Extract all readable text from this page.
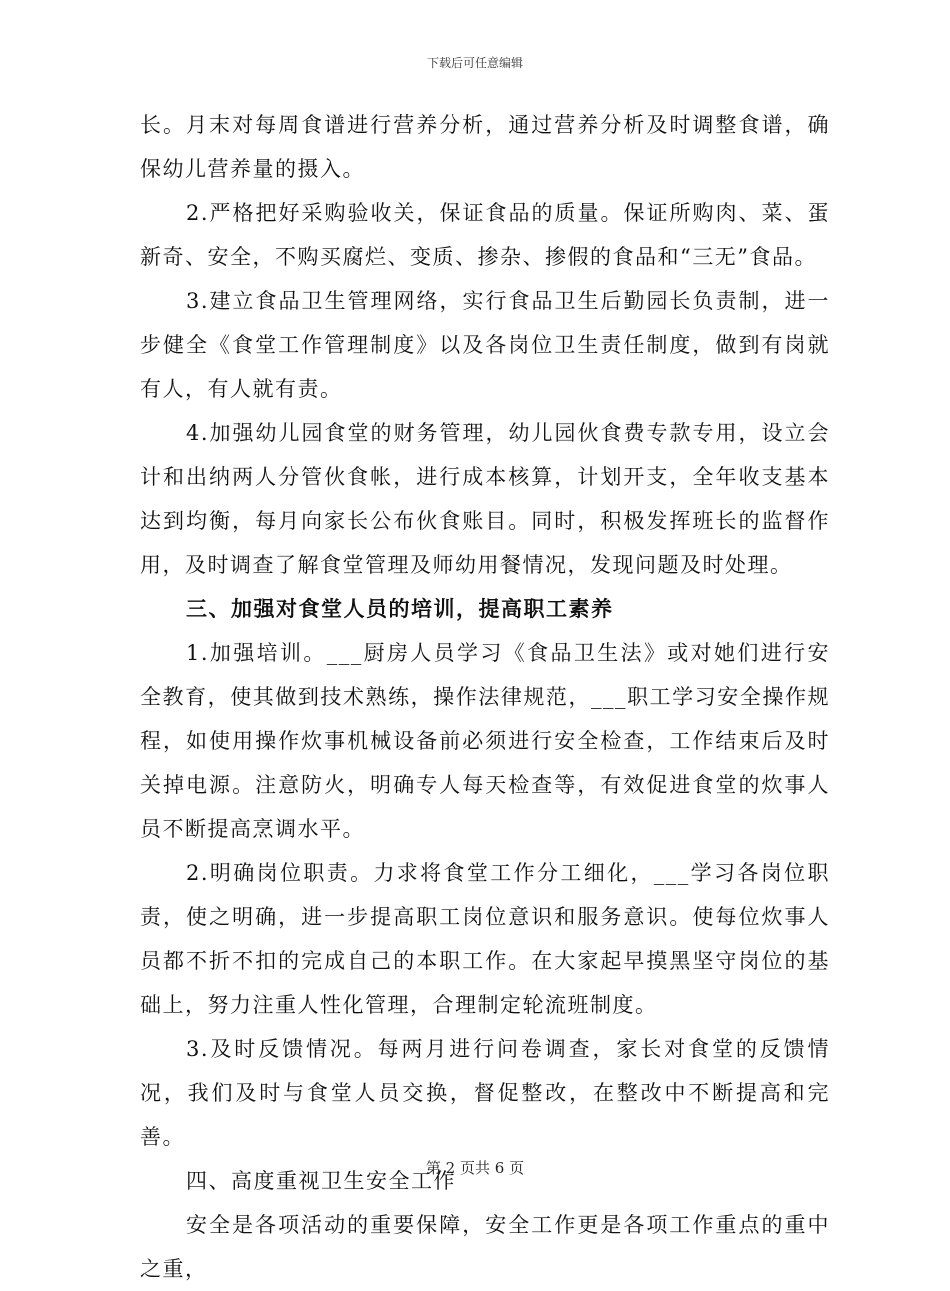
下载后可任意编辑

长。月末对每周食谱进行营养分析，通过营养分析及时调整食谱，确保幼儿营养量的摄入。

2.严格把好采购验收关，保证食品的质量。保证所购肉、菜、蛋新奇、安全，不购买腐烂、变质、掺杂、掺假的食品和“三无”食品。

3.建立食品卫生管理网络，实行食品卫生后勤园长负责制，进一步健全《食堂工作管理制度》以及各岗位卫生责任制度，做到有岗就有人，有人就有责。

4.加强幼儿园食堂的财务管理，幼儿园伙食费专款专用，设立会计和出纳两人分管伙食帐，进行成本核算，计划开支，全年收支基本达到均衡，每月向家长公布伙食账目。同时，积极发挥班长的监督作用，及时调查了解食堂管理及师幼用餐情况，发现问题及时处理。

三、加强对食堂人员的培训，提高职工素养

1.加强培训。___厨房人员学习《食品卫生法》或对她们进行安全教育，使其做到技术熟练，操作法律规范，___职工学习安全操作规程，如使用操作炊事机械设备前必须进行安全检查，工作结束后及时关掉电源。注意防火，明确专人每天检查等，有效促进食堂的炊事人员不断提高烹调水平。

2.明确岗位职责。力求将食堂工作分工细化，___学习各岗位职责，使之明确，进一步提高职工岗位意识和服务意识。使每位炊事人员都不折不扣的完成自己的本职工作。在大家起早摸黑坚守岗位的基础上，努力注重人性化管理，合理制定轮流班制度。

3.及时反馈情况。每两月进行问卷调查，家长对食堂的反馈情况，我们及时与食堂人员交换，督促整改，在整改中不断提高和完善。

四、高度重视卫生安全工作

安全是各项活动的重要保障，安全工作更是各项工作重点的重中之重，

第 2 页共 6 页
